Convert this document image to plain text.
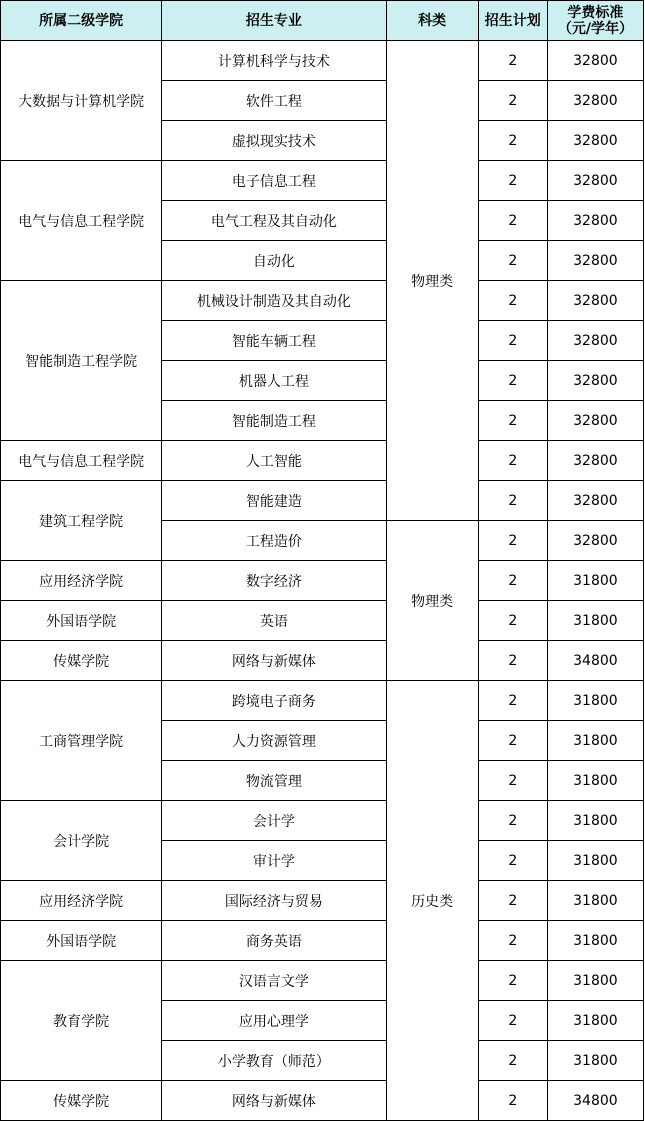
所属二级学院	招生专业	科类	招生计划	学费标准
（元/学年）
大数据与计算机学院	计算机科学与技术	物理类	2	32800
	软件工程		2	32800
	虚拟现实技术		2	32800
电气与信息工程学院	电子信息工程		2	32800
	电气工程及其自动化		2	32800
	自动化		2	32800
智能制造工程学院	机械设计制造及其自动化		2	32800
	智能车辆工程		2	32800
	机器人工程		2	32800
	智能制造工程		2	32800
电气与信息工程学院	人工智能		2	32800
建筑工程学院	智能建造		2	32800
	工程造价	物理类	2	32800
应用经济学院	数字经济		2	31800
外国语学院	英语		2	31800
传媒学院	网络与新媒体		2	34800
工商管理学院	跨境电子商务	历史类	2	31800
	人力资源管理		2	31800
	物流管理		2	31800
会计学院	会计学		2	31800
	审计学		2	31800
应用经济学院	国际经济与贸易		2	31800
外国语学院	商务英语		2	31800
教育学院	汉语言文学		2	31800
	应用心理学		2	31800
	小学教育（师范）		2	31800
传媒学院	网络与新媒体		2	34800
